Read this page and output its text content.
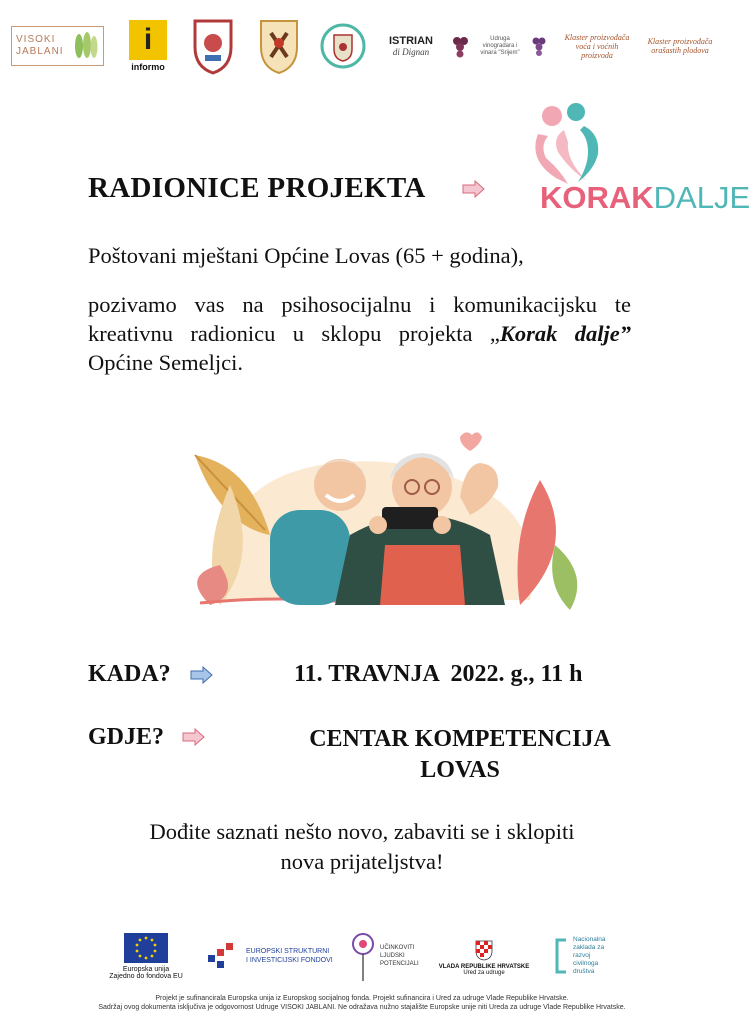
VISOKI JABLANI	i
informo
ISTRIAN
di Dignan
Udruga vinogradara i vinara "Srijem"
Klaster proizvođača voća i voćnih proizvoda
Klaster proizvođača orašastih plodova
KORAKDALJE
RADIONICE PROJEKTA
Poštovani mještani Općine Lovas (65 + godina),
pozivamo vas na psihosocijalnu i komunikacijsku te kreativnu radionicu u sklopu projekta „Korak dalje” Općine Semeljci.
KADA?	11. TRAVNJA  2022. g., 11 h
GDJE?	CENTAR KOMPETENCIJA
LOVAS
Dođite saznati nešto novo, zabaviti se i sklopiti
nova prijateljstva!
Europska unija
Zajedno do fondova EU
EUROPSKI STRUKTURNI
I INVESTICIJSKI FONDOVI
UČINKOVITI
LJUDSKI
POTENCIJALI	VLADA REPUBLIKE HRVATSKE
Ured za udruge
Nacionalna
zaklada za
razvoj
civilnoga
društva
Projekt je sufinancirala Europska unija iz Europskog socijalnog fonda. Projekt sufinancira i Ured za udruge Vlade Republike Hrvatske.
Sadržaj ovog dokumenta isključiva je odgovornost Udruge VISOKI JABLANI. Ne odražava nužno stajalište Europske unije niti Ureda za udruge Vlade Republike Hrvatske.
